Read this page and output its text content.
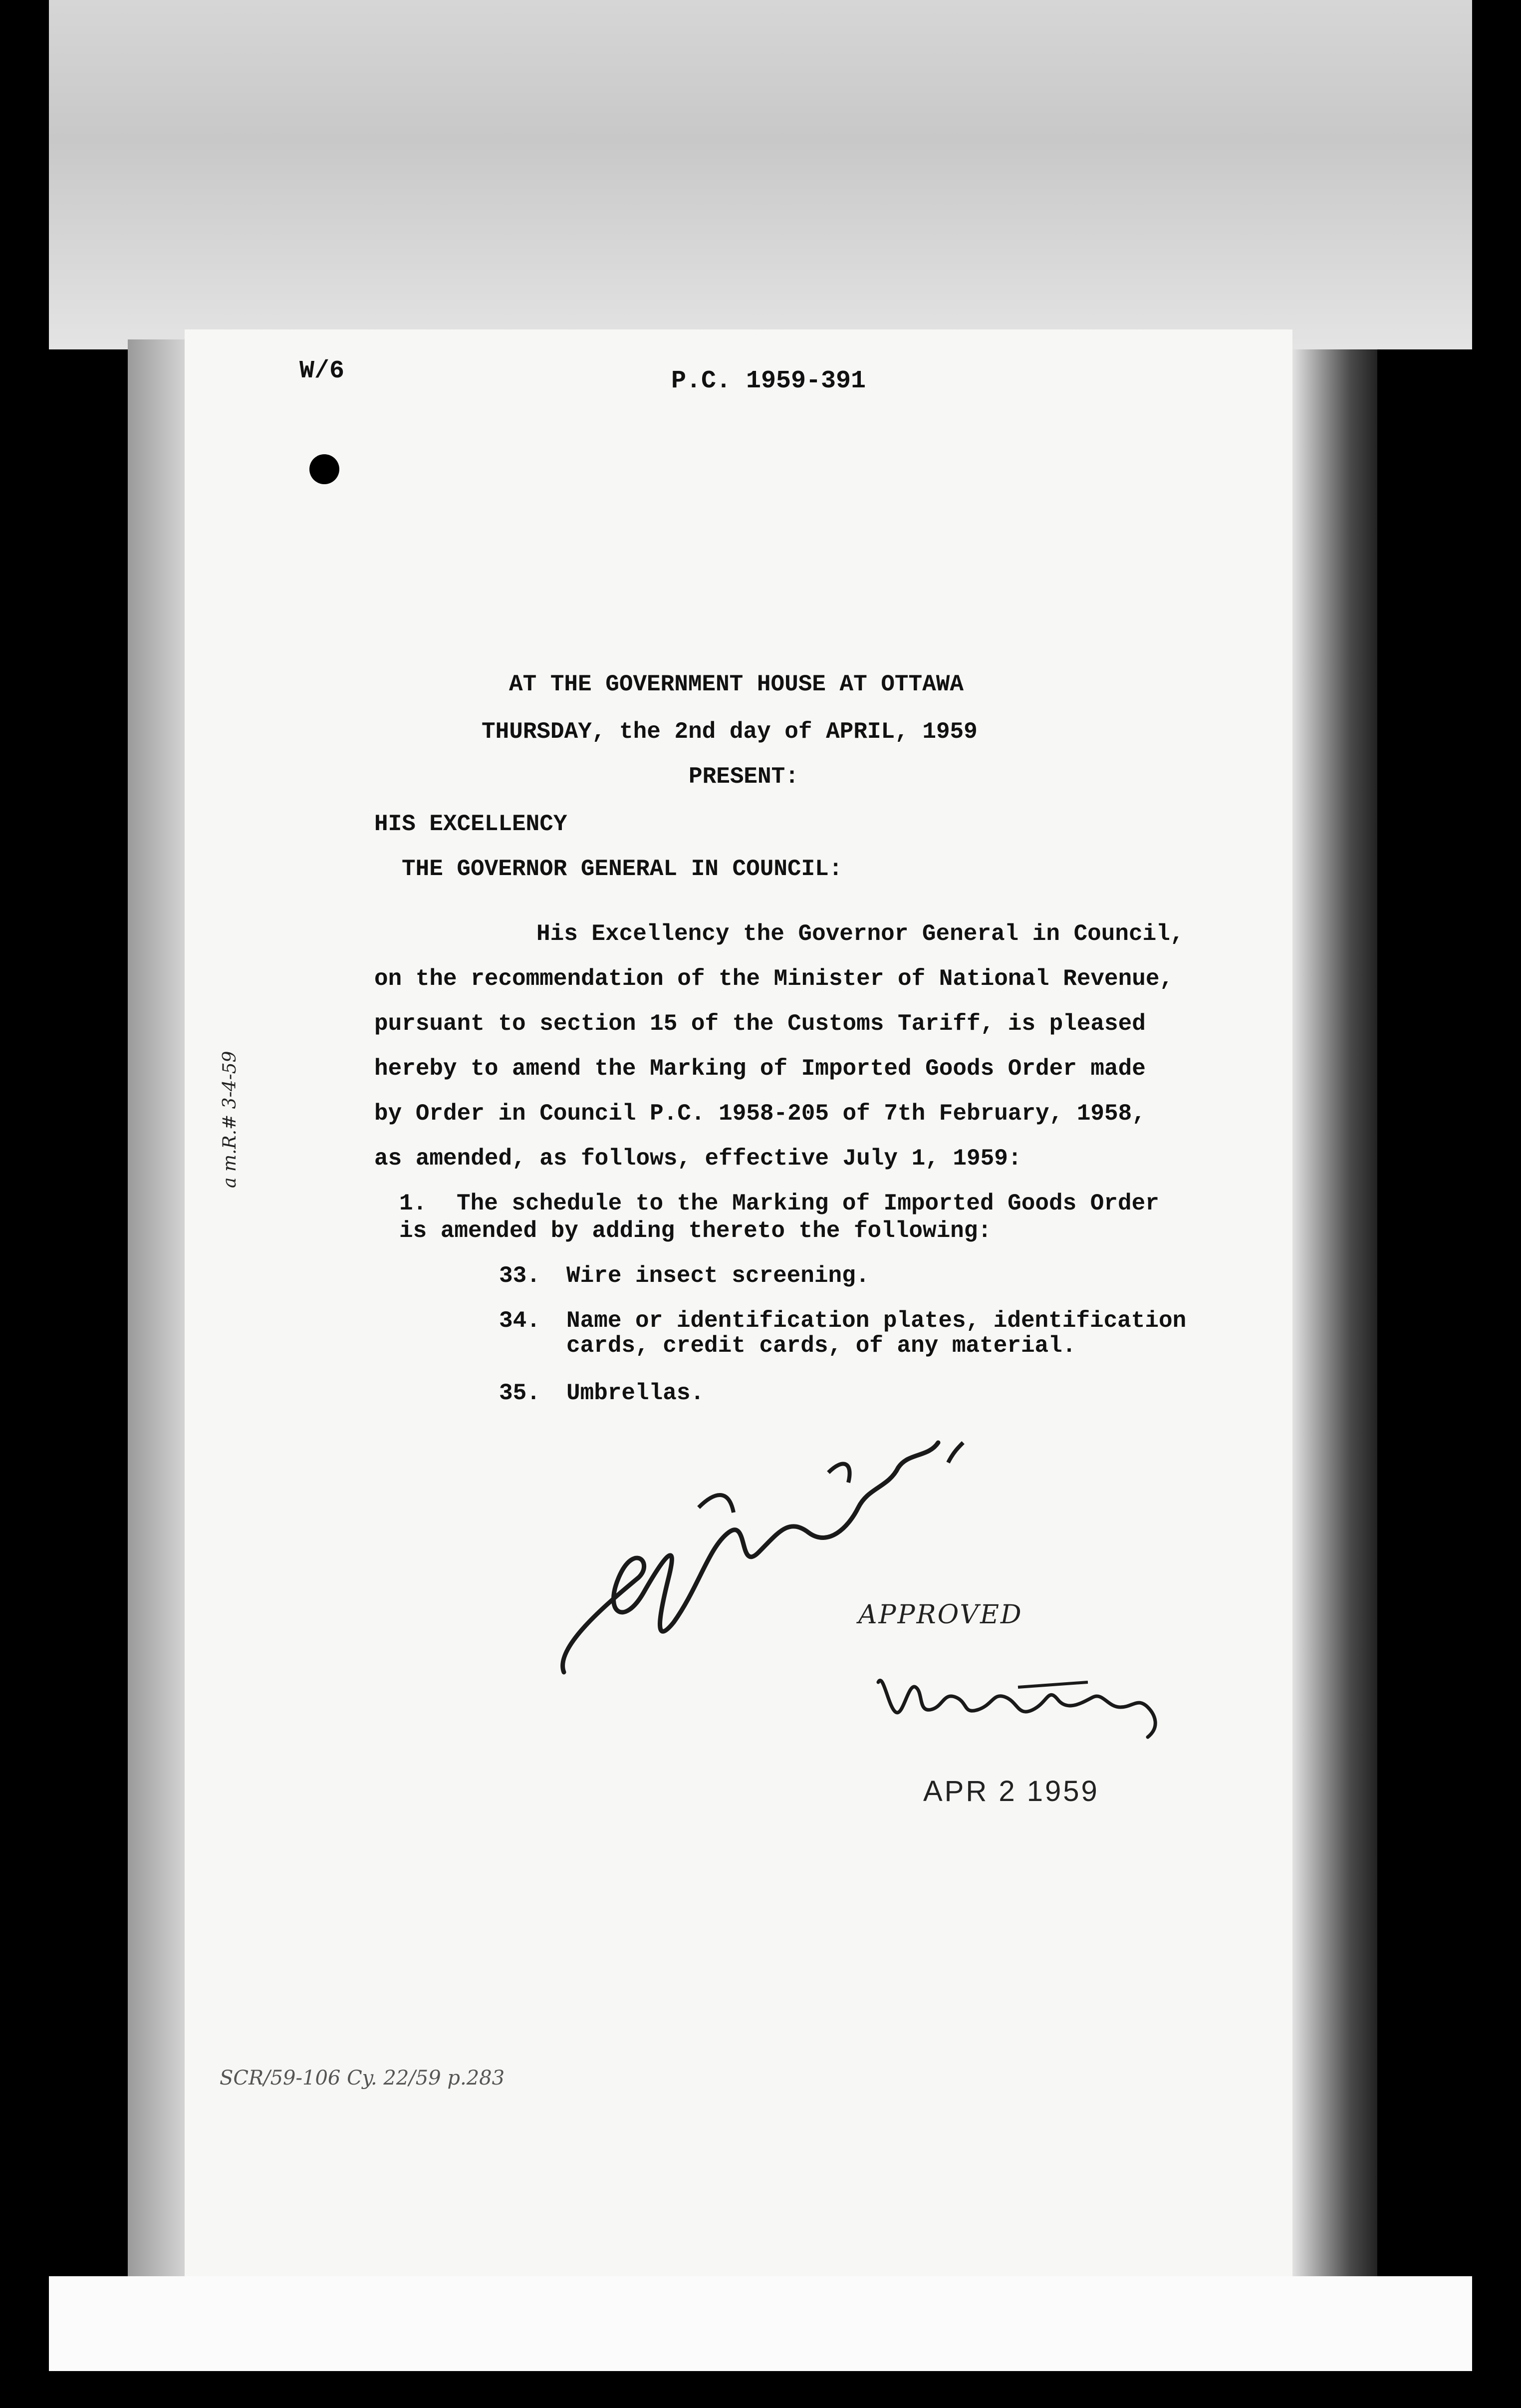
W/6	P.C. 1959-391
AT THE GOVERNMENT HOUSE AT OTTAWA
THURSDAY, the 2nd day of APRIL, 1959
PRESENT:
HIS EXCELLENCY
THE GOVERNOR GENERAL IN COUNCIL:
His Excellency the Governor General in Council,
on the recommendation of the Minister of National Revenue,
pursuant to section 15 of the Customs Tariff, is pleased
hereby to amend the Marking of Imported Goods Order made
by Order in Council P.C. 1958-205 of 7th February, 1958,
as amended, as follows, effective July 1, 1959:
1. The schedule to the Marking of Imported Goods Order
is amended by adding thereto the following:
33. Wire insect screening.
34. Name or identification plates, identification
cards, credit cards, of any material.
35. Umbrellas.
APPROVED
APR 2 1959
a m.R.# 3-4-59
SCR/59-106 Cy. 22/59 p.283
